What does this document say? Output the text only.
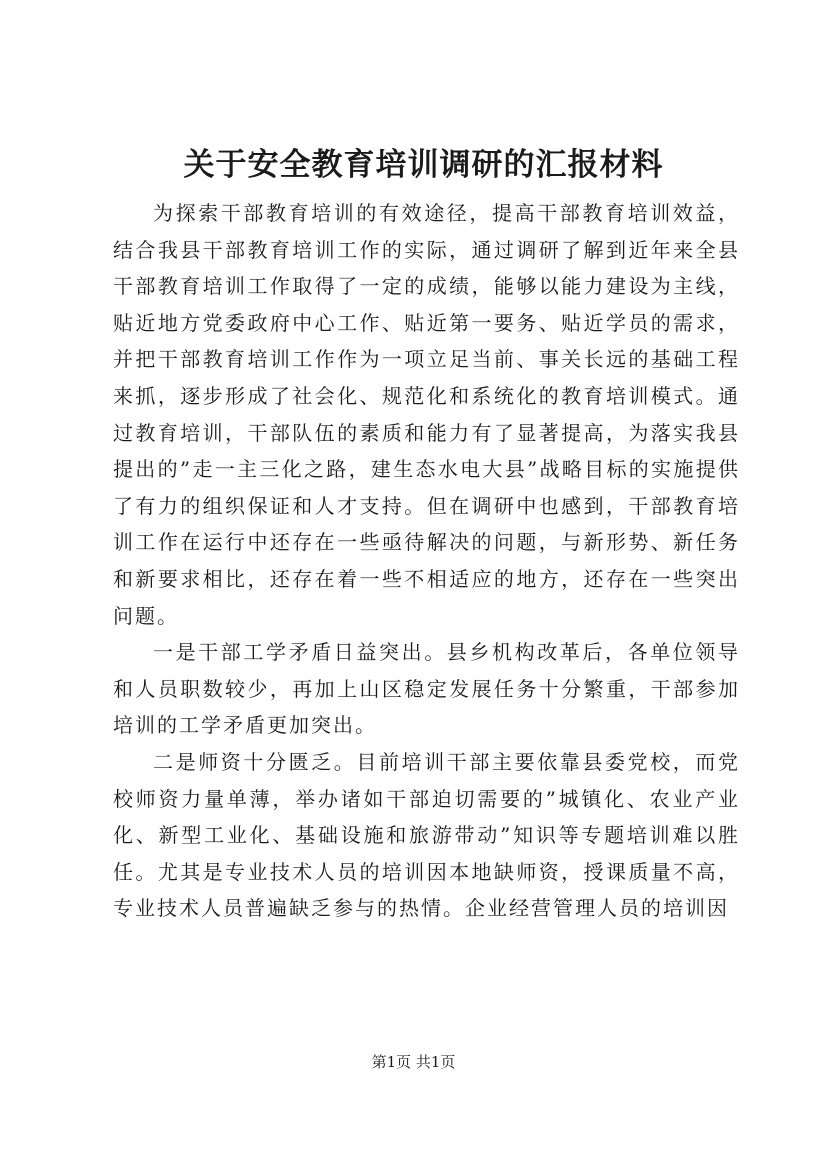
关于安全教育培训调研的汇报材料

为探索干部教育培训的有效途径，提高干部教育培训效益，结合我县干部教育培训工作的实际，通过调研了解到近年来全县干部教育培训工作取得了一定的成绩，能够以能力建设为主线，贴近地方党委政府中心工作、贴近第一要务、贴近学员的需求，并把干部教育培训工作作为一项立足当前、事关长远的基础工程来抓，逐步形成了社会化、规范化和系统化的教育培训模式。通过教育培训，干部队伍的素质和能力有了显著提高，为落实我县提出的”走一主三化之路，建生态水电大县”战略目标的实施提供了有力的组织保证和人才支持。但在调研中也感到，干部教育培训工作在运行中还存在一些亟待解决的问题，与新形势、新任务和新要求相比，还存在着一些不相适应的地方，还存在一些突出问题。

一是干部工学矛盾日益突出。县乡机构改革后，各单位领导和人员职数较少，再加上山区稳定发展任务十分繁重，干部参加培训的工学矛盾更加突出。

二是师资十分匮乏。目前培训干部主要依靠县委党校，而党校师资力量单薄，举办诸如干部迫切需要的”城镇化、农业产业化、新型工业化、基础设施和旅游带动”知识等专题培训难以胜任。尤其是专业技术人员的培训因本地缺师资，授课质量不高，专业技术人员普遍缺乏参与的热情。企业经营管理人员的培训因

第1页 共1页
